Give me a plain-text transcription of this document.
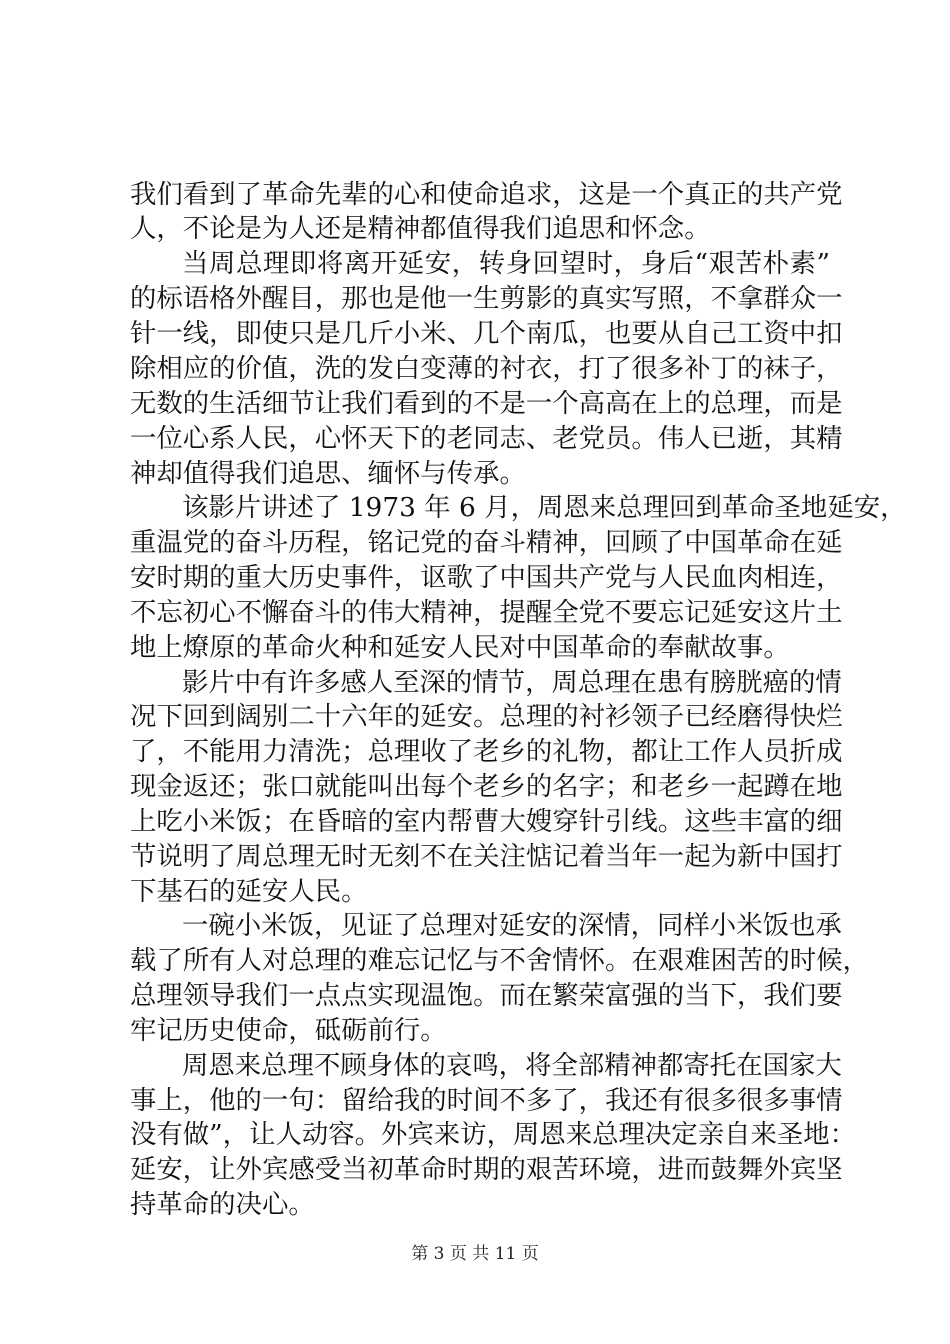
我们看到了革命先辈的心和使命追求，这是一个真正的共产党
人，不论是为人还是精神都值得我们追思和怀念。
当周总理即将离开延安，转身回望时，身后“艰苦朴素”
的标语格外醒目，那也是他一生剪影的真实写照，不拿群众一
针一线，即使只是几斤小米、几个南瓜，也要从自己工资中扣
除相应的价值，洗的发白变薄的衬衣，打了很多补丁的袜子，
无数的生活细节让我们看到的不是一个高高在上的总理，而是
一位心系人民，心怀天下的老同志、老党员。伟人已逝，其精
神却值得我们追思、缅怀与传承。
该影片讲述了 1973 年 6 月，周恩来总理回到革命圣地延安，
重温党的奋斗历程，铭记党的奋斗精神，回顾了中国革命在延
安时期的重大历史事件，讴歌了中国共产党与人民血肉相连，
不忘初心不懈奋斗的伟大精神，提醒全党不要忘记延安这片土
地上燎原的革命火种和延安人民对中国革命的奉献故事。
影片中有许多感人至深的情节，周总理在患有膀胱癌的情
况下回到阔别二十六年的延安。总理的衬衫领子已经磨得快烂
了，不能用力清洗；总理收了老乡的礼物，都让工作人员折成
现金返还；张口就能叫出每个老乡的名字；和老乡一起蹲在地
上吃小米饭；在昏暗的室内帮曹大嫂穿针引线。这些丰富的细
节说明了周总理无时无刻不在关注惦记着当年一起为新中国打
下基石的延安人民。
一碗小米饭，见证了总理对延安的深情，同样小米饭也承
载了所有人对总理的难忘记忆与不舍情怀。在艰难困苦的时候，
总理领导我们一点点实现温饱。而在繁荣富强的当下，我们要
牢记历史使命，砥砺前行。
周恩来总理不顾身体的哀鸣，将全部精神都寄托在国家大
事上，他的一句：留给我的时间不多了，我还有很多很多事情
没有做”，让人动容。外宾来访，周恩来总理决定亲自来圣地：
延安，让外宾感受当初革命时期的艰苦环境，进而鼓舞外宾坚
持革命的决心。
第 3 页 共 11 页
